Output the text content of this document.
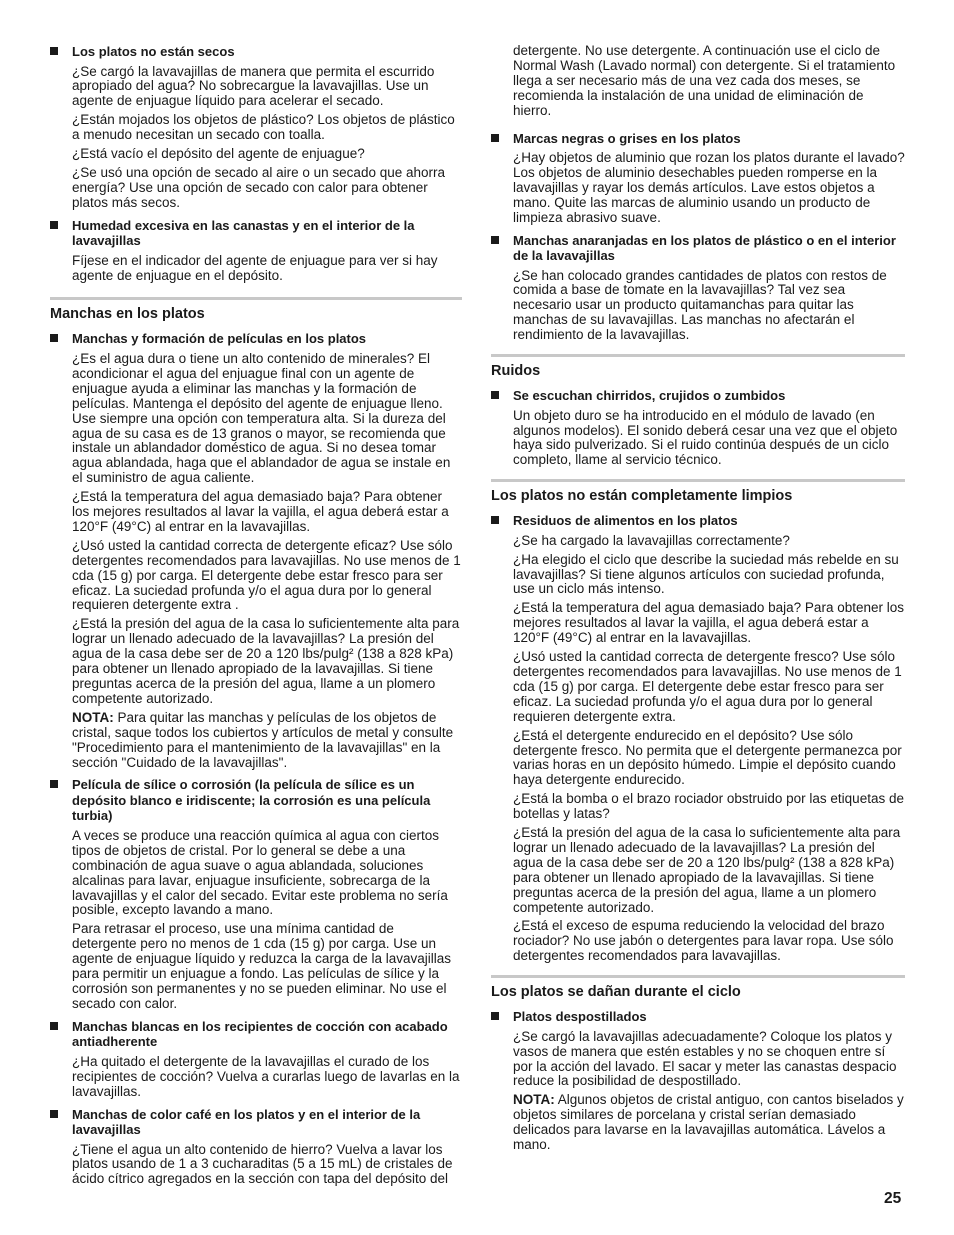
Los platos no están secos

¿Se cargó la lavavajillas de manera que permita el escurrido apropiado del agua? No sobrecargue la lavavajillas. Use un agente de enjuague líquido para acelerar el secado.

¿Están mojados los objetos de plástico? Los objetos de plástico a menudo necesitan un secado con toalla.

¿Está vacío el depósito del agente de enjuague?

¿Se usó una opción de secado al aire o un secado que ahorra energía? Use una opción de secado con calor para obtener platos más secos.

Humedad excesiva en las canastas y en el interior de la lavavajillas

Fíjese en el indicador del agente de enjuague para ver si hay agente de enjuague en el depósito.

Manchas en los platos
Manchas y formación de películas en los platos

¿Es el agua dura o tiene un alto contenido de minerales? El acondicionar el agua del enjuague final con un agente de enjuague ayuda a eliminar las manchas y la formación de películas. Mantenga el depósito del agente de enjuague lleno. Use siempre una opción con temperatura alta. Si la dureza del agua de su casa es de 13 granos o mayor, se recomienda que instale un ablandador doméstico de agua. Si no desea tomar agua ablandada, haga que el ablandador de agua se instale en el suministro de agua caliente.

¿Está la temperatura del agua demasiado baja? Para obtener los mejores resultados al lavar la vajilla, el agua deberá estar a 120°F (49°C) al entrar en la lavavajillas.

¿Usó usted la cantidad correcta de detergente eficaz? Use sólo detergentes recomendados para lavavajillas. No use menos de 1 cda (15 g) por carga. El detergente debe estar fresco para ser eficaz. La suciedad profunda y/o el agua dura por lo general requieren detergente extra .

¿Está la presión del agua de la casa lo suficientemente alta para lograr un llenado adecuado de la lavavajillas? La presión del agua de la casa debe ser de 20 a 120 lbs/pulg² (138 a 828 kPa) para obtener un llenado apropiado de la lavavajillas. Si tiene preguntas acerca de la presión del agua, llame a un plomero competente autorizado.

NOTA: Para quitar las manchas y películas de los objetos de cristal, saque todos los cubiertos y artículos de metal y consulte "Procedimiento para el mantenimiento de la lavavajillas" en la sección "Cuidado de la lavavajillas".

Película de sílice o corrosión (la película de sílice es un depósito blanco e iridiscente; la corrosión es una película turbia)

A veces se produce una reacción química al agua con ciertos tipos de objetos de cristal. Por lo general se debe a una combinación de agua suave o agua ablandada, soluciones alcalinas para lavar, enjuague insuficiente, sobrecarga de la lavavajillas y el calor del secado. Evitar este problema no sería posible, excepto lavando a mano.

Para retrasar el proceso, use una mínima cantidad de detergente pero no menos de 1 cda (15 g) por carga. Use un agente de enjuague líquido y reduzca la carga de la lavavajillas para permitir un enjuague a fondo. Las películas de sílice y la corrosión son permanentes y no se pueden eliminar. No use el secado con calor.

Manchas blancas en los recipientes de cocción con acabado antiadherente

¿Ha quitado el detergente de la lavavajillas el curado de los recipientes de cocción? Vuelva a curarlas luego de lavarlas en la lavavajillas.

Manchas de color café en los platos y en el interior de la lavavajillas

¿Tiene el agua un alto contenido de hierro? Vuelva a lavar los platos usando de 1 a 3 cucharaditas (5 a 15 mL) de cristales de ácido cítrico agregados en la sección con tapa del depósito del

detergente. No use detergente. A continuación use el ciclo de Normal Wash (Lavado normal) con detergente. Si el tratamiento llega a ser necesario más de una vez cada dos meses, se recomienda la instalación de una unidad de eliminación de hierro.

Marcas negras o grises en los platos

¿Hay objetos de aluminio que rozan los platos durante el lavado? Los objetos de aluminio desechables pueden romperse en la lavavajillas y rayar los demás artículos. Lave estos objetos a mano. Quite las marcas de aluminio usando un producto de limpieza abrasivo suave.

Manchas anaranjadas en los platos de plástico o en el interior de la lavavajillas

¿Se han colocado grandes cantidades de platos con restos de comida a base de tomate en la lavavajillas? Tal vez sea necesario usar un producto quitamanchas para quitar las manchas de su lavavajillas. Las manchas no afectarán el rendimiento de la lavavajillas.

Ruidos
Se escuchan chirridos, crujidos o zumbidos

Un objeto duro se ha introducido en el módulo de lavado (en algunos modelos). El sonido deberá cesar una vez que el objeto haya sido pulverizado. Si el ruido continúa después de un ciclo completo, llame al servicio técnico.

Los platos no están completamente limpios
Residuos de alimentos en los platos

¿Se ha cargado la lavavajillas correctamente?

¿Ha elegido el ciclo que describe la suciedad más rebelde en su lavavajillas? Si tiene algunos artículos con suciedad profunda, use un ciclo más intenso.

¿Está la temperatura del agua demasiado baja? Para obtener los mejores resultados al lavar la vajilla, el agua deberá estar a 120°F (49°C) al entrar en la lavavajillas.

¿Usó usted la cantidad correcta de detergente fresco? Use sólo detergentes recomendados para lavavajillas. No use menos de 1 cda (15 g) por carga. El detergente debe estar fresco para ser eficaz. La suciedad profunda y/o el agua dura por lo general requieren detergente extra.

¿Está el detergente endurecido en el depósito? Use sólo detergente fresco. No permita que el detergente permanezca por varias horas en un depósito húmedo. Limpie el depósito cuando haya detergente endurecido.

¿Está la bomba o el brazo rociador obstruido por las etiquetas de botellas y latas?

¿Está la presión del agua de la casa lo suficientemente alta para lograr un llenado adecuado de la lavavajillas? La presión del agua de la casa debe ser de 20 a 120 lbs/pulg² (138 a 828 kPa) para obtener un llenado apropiado de la lavavajillas. Si tiene preguntas acerca de la presión del agua, llame a un plomero competente autorizado.

¿Está el exceso de espuma reduciendo la velocidad del brazo rociador? No use jabón o detergentes para lavar ropa. Use sólo detergentes recomendados para lavavajillas.

Los platos se dañan durante el ciclo
Platos despostillados

¿Se cargó la lavavajillas adecuadamente? Coloque los platos y vasos de manera que estén estables y no se choquen entre sí por la acción del lavado. El sacar y meter las canastas despacio reduce la posibilidad de despostillado.

NOTA: Algunos objetos de cristal antiguo, con cantos biselados y objetos similares de porcelana y cristal serían demasiado delicados para lavarse en la lavavajillas automática. Lávelos a mano.

25
